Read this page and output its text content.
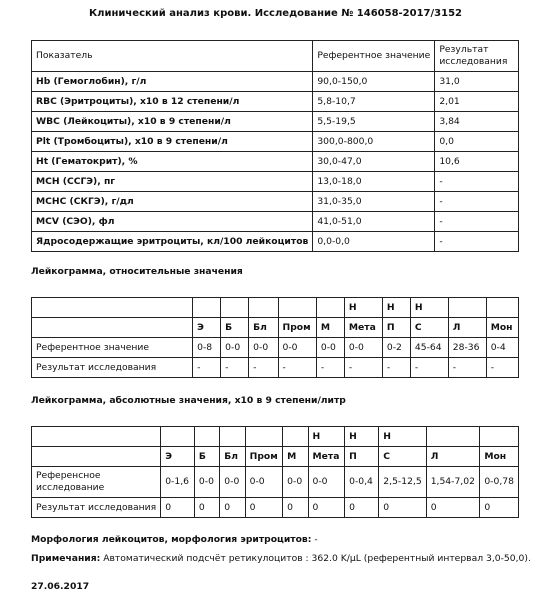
Клинический анализ крови. Исследование № 146058-2017/3152
Показатель	Референтное значение	Результат исследования
Hb (Гемоглобин), г/л	90,0-150,0	31,0
RBC (Эритроциты), x10 в 12 степени/л	5,8-10,7	2,01
WBC (Лейкоциты), x10 в 9 степени/л	5,5-19,5	3,84
Plt (Тромбоциты), x10 в 9 степени/л	300,0-800,0	0,0
Ht (Гематокрит), %	30,0-47,0	10,6
MCH (ССГЭ), пг	13,0-18,0	-
MCHC (СКГЭ), г/дл	31,0-35,0	-
MCV (СЭО), фл	41,0-51,0	-
Ядросодержащие эритроциты, кл/100 лейкоцитов	0,0-0,0	-
Лейкограмма, относительные значения
						Н	Н	Н		
	Э	Б	Бл	Пром	М	Мета	П	С	Л	Мон
Референтное значение	0-8	0-0	0-0	0-0	0-0	0-0	0-2	45-64	28-36	0-4
Результат исследования	-	-	-	-	-	-	-	-	-	-
Лейкограмма, абсолютные значения, x10 в 9 степени/литр
						Н	Н	Н		
	Э	Б	Бл	Пром	М	Мета	П	С	Л	Мон
Референсное исследование	0-1,6	0-0	0-0	0-0	0-0	0-0	0-0,4	2,5-12,5	1,54-7,02	0-0,78
Результат исследования	0	0	0	0	0	0	0	0	0	0
Морфология лейкоцитов, морфология эритроцитов: -
Примечания: Автоматический подсчёт ретикулоцитов : 362.0 K/µL (референтный интервал 3,0-50,0).
27.06.2017
